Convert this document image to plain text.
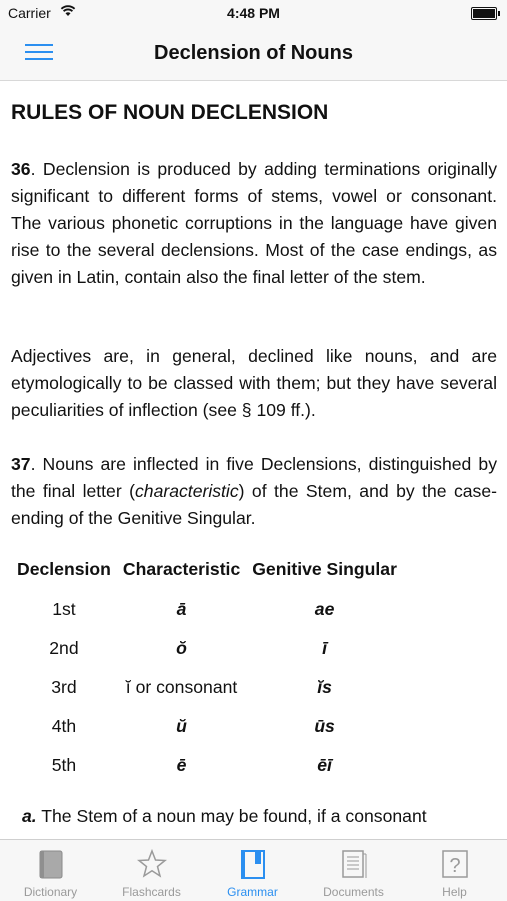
Carrier	4:48 PM
Declension of Nouns
RULES OF NOUN DECLENSION
36. Declension is produced by adding terminations originally significant to different forms of stems, vowel or consonant. The various phonetic corruptions in the language have given rise to the several declensions. Most of the case endings, as given in Latin, contain also the final letter of the stem.
Adjectives are, in general, declined like nouns, and are etymologically to be classed with them; but they have several peculiarities of inflection (see § 109 ff.).
37. Nouns are inflected in five Declensions, distinguished by the final letter (characteristic) of the Stem, and by the case-ending of the Genitive Singular.
Declension	Characteristic	Genitive Singular
1st	ā	ae
2nd	ŏ	ī
3rd	ĭ or consonant	ĭs
4th	ŭ	ūs
5th	ē	ēī
a. The Stem of a noun may be found, if a consonant
Dictionary	Flashcards	Grammar	Documents
?
Help
